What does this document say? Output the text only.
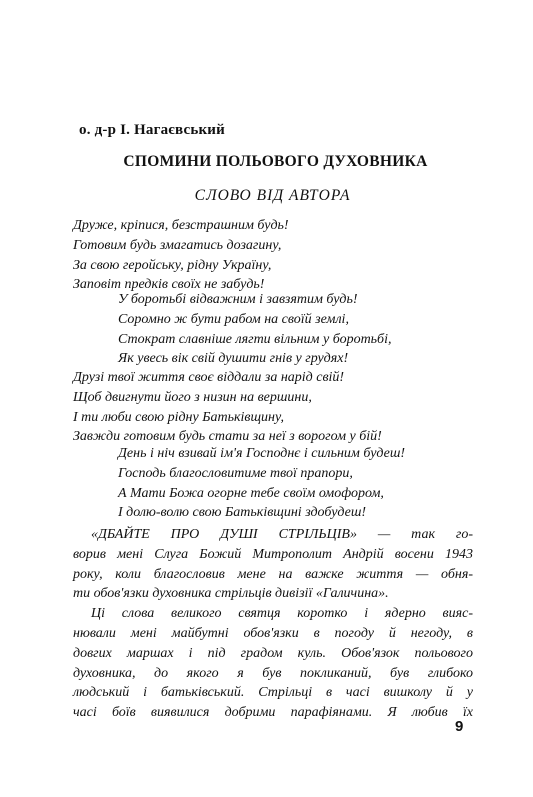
о. д-р І. Нагаєвський
СПОМИНИ ПОЛЬОВОГО ДУХОВНИКА
СЛОВО ВІД АВТОРА
Друже, кріпися, безстрашним будь!
Готовим будь змагатись дозагину,
За свою геройську, рідну Україну,
Заповіт предків своїх не забудь!
У боротьбі відважним і завзятим будь!
Соромно ж бути рабом на своїй землі,
Стократ славніше лягти вільним у боротьбі,
Як увесь вік свій душити гнів у грудях!
Друзі твої життя своє віддали за нарід свій!
Щоб двигнути його з низин на вершини,
І ти люби свою рідну Батьківщину,
Завжди готовим будь стати за неї з ворогом у бій!
День і ніч взивай ім'я Господнє і сильним будеш!
Господь благословитиме твої прапори,
А Мати Божа огорне тебе своїм омофором,
І долю-волю свою Батьківщині здобудеш!
«ДБАЙТЕ ПРО ДУШІ СТРІЛЬЦІВ» — так го-
ворив мені Слуга Божий Митрополит Андрій восени 1943
року, коли благословив мене на важке життя — обня-
ти обов'язки духовника стрільців дивізії «Галичина».
Ці слова великого святця коротко і ядерно вияс-
нювали мені майбутні обов'язки в погоду й негоду, в
довгих маршах і під градом куль. Обов'язок польового
духовника, до якого я був покликаний, був глибоко
людський і батьківський. Стрільці в часі вишколу й у
часі боїв виявилися добрими парафіянами. Я любив їх
9
